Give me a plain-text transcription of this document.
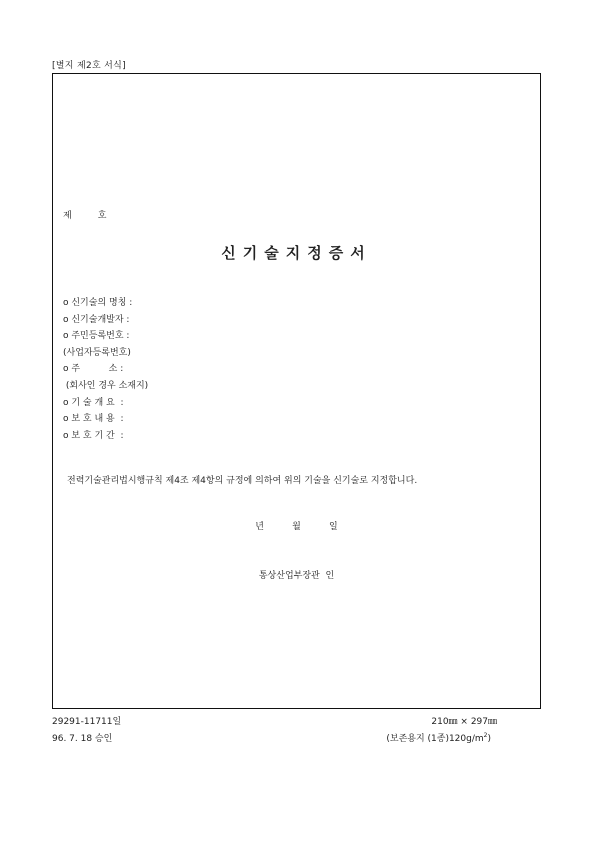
[별지 제2호 서식]
제	호
신기술지정증서
o 신기술의 명칭 :
o 신기술개발자 :
o 주민등록번호 :
(사업자등록번호)
o 주          소 :
(회사인 경우 소재지)
o 기 술 개 요  :
o 보 호 내 용  :
o 보 호 기 간  :
전력기술관리법시행규칙 제4조 제4항의 규정에 의하여 위의 기술을 신기술로 지정합니다.
년	월	일
통상산업부장관  인
29291-11711일
96. 7. 18 승인
210㎜ × 297㎜
(보존용지 (1종)$120g/m^2$)
